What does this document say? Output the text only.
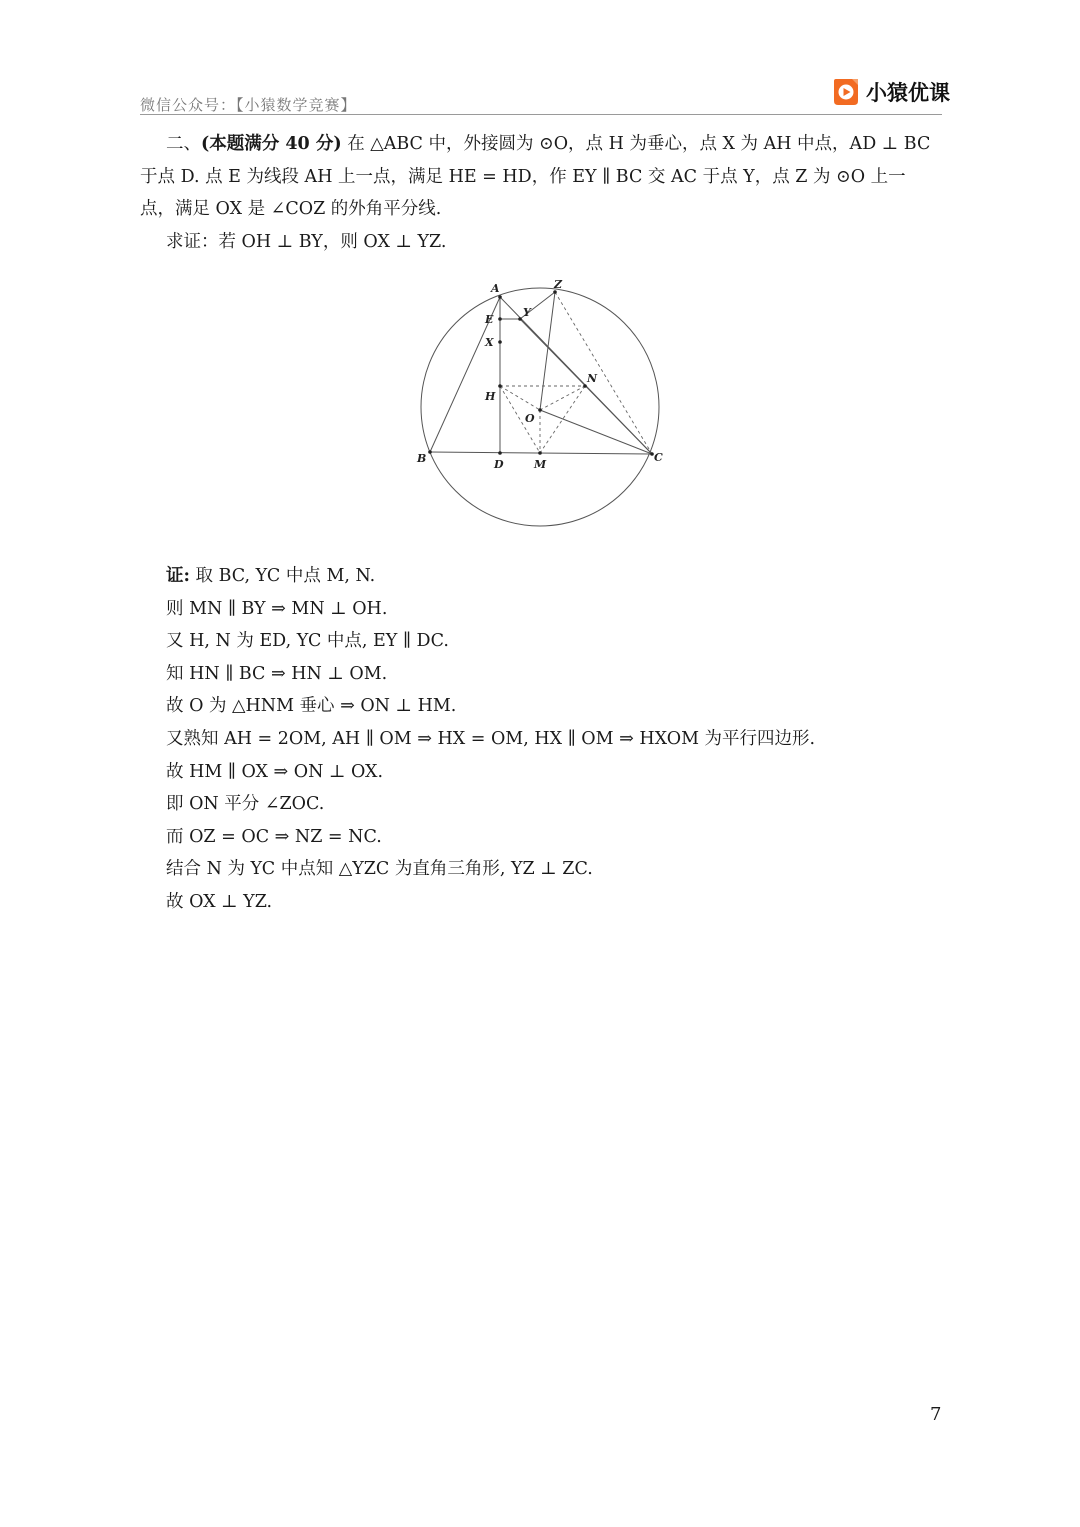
微信公众号：【小猿数学竞赛】	小猿优课

二、(本题满分 40 分) 在 △ABC 中，外接圆为 ⊙O，点 H 为垂心，点 X 为 AH 中点，AD ⊥ BC

于点 D. 点 E 为线段 AH 上一点，满足 HE = HD，作 EY ∥ BC 交 AC 于点 Y，点 Z 为 ⊙O 上一

点，满足 OX 是 ∠COZ 的外角平分线.

求证：若 OH ⊥ BY，则 OX ⊥ YZ.

A	Z
Y
E
X
H
N
O
B	D	M
C
证: 取 BC, YC 中点 M, N.
则 MN ∥ BY ⇒ MN ⊥ OH.
又 H, N 为 ED, YC 中点, EY ∥ DC.
知 HN ∥ BC ⇒ HN ⊥ OM.
故 O 为 △HNM 垂心 ⇒ ON ⊥ HM.
又熟知 AH = 2OM, AH ∥ OM ⇒ HX = OM, HX ∥ OM ⇒ HXOM 为平行四边形.
故 HM ∥ OX ⇒ ON ⊥ OX.
即 ON 平分 ∠ZOC.
而 OZ = OC ⇒ NZ = NC.
结合 N 为 YC 中点知 △YZC 为直角三角形, YZ ⊥ ZC.
故 OX ⊥ YZ.
7
